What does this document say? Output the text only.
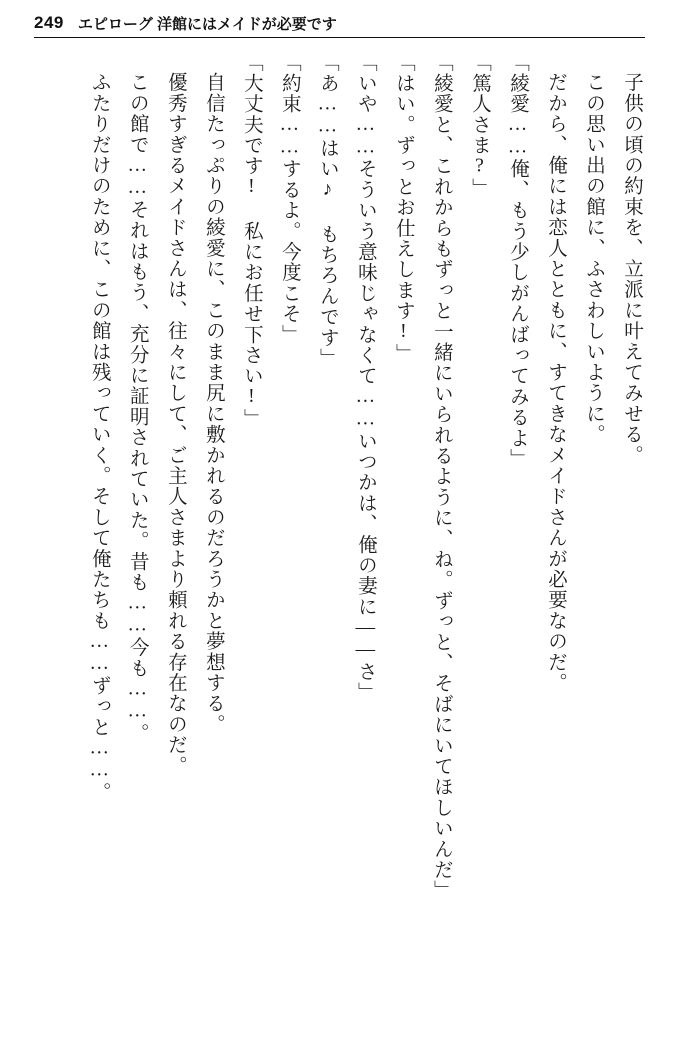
249 エピローグ 洋館にはメイドが必要です

子供の頃の約束を、立派に叶えてみせる。

この思い出の館に、ふさわしいように。

だから、俺には恋人とともに、すてきなメイドさんが必要なのだ。

「綾愛……俺、もう少しがんばってみるよ」

「篤人さま?」

「綾愛と、これからもずっと一緒にいられるように、ね。ずっと、そばにいてほしいんだ」

「はい。ずっとお仕えします!」

「いや……そういう意味じゃなくて……いつかは、俺の妻に——さ」

「あ……はい♪ もちろんです」

「約束……するよ。今度こそ」

「大丈夫です! 私にお任せ下さい!」

自信たっぷりの綾愛に、このまま尻に敷かれるのだろうかと夢想する。

優秀すぎるメイドさんは、往々にして、ご主人さまより頼れる存在なのだ。

この館で……それはもう、充分に証明されていた。昔も……今も……。

ふたりだけのために、この館は残っていく。そして俺たちも……ずっと……。
